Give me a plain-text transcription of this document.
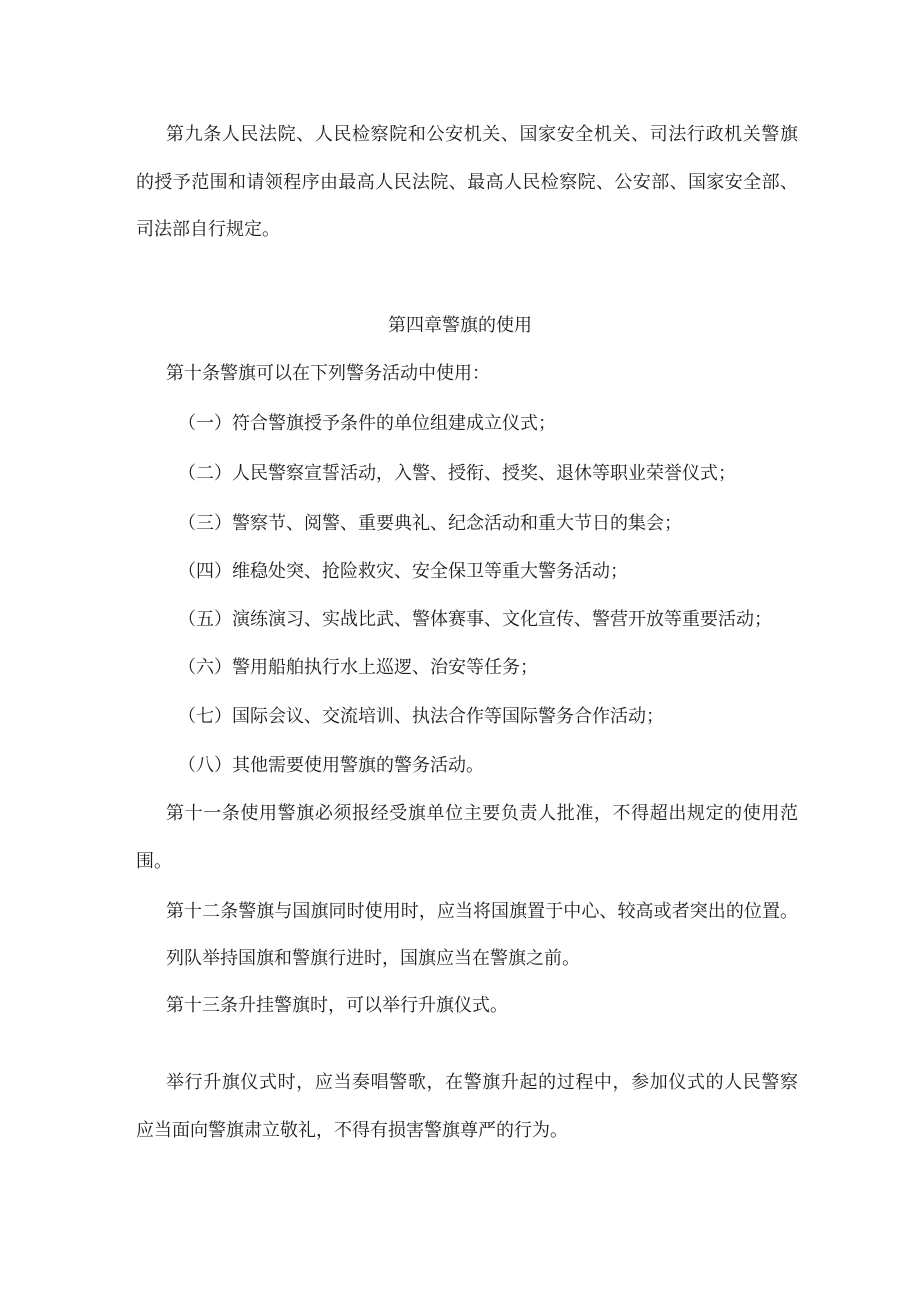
第九条人民法院、人民检察院和公安机关、国家安全机关、司法行政机关警旗

的授予范围和请领程序由最高人民法院、最高人民检察院、公安部、国家安全部、

司法部自行规定。

第四章警旗的使用

第十条警旗可以在下列警务活动中使用：

（一）符合警旗授予条件的单位组建成立仪式；

（二）人民警察宣誓活动，入警、授衔、授奖、退休等职业荣誉仪式；

（三）警察节、阅警、重要典礼、纪念活动和重大节日的集会；

（四）维稳处突、抢险救灾、安全保卫等重大警务活动；

（五）演练演习、实战比武、警体赛事、文化宣传、警营开放等重要活动；

（六）警用船舶执行水上巡逻、治安等任务；

（七）国际会议、交流培训、执法合作等国际警务合作活动；

（八）其他需要使用警旗的警务活动。

第十一条使用警旗必须报经受旗单位主要负责人批准，不得超出规定的使用范

围。

第十二条警旗与国旗同时使用时，应当将国旗置于中心、较高或者突出的位置。

列队举持国旗和警旗行进时，国旗应当在警旗之前。

第十三条升挂警旗时，可以举行升旗仪式。

举行升旗仪式时，应当奏唱警歌，在警旗升起的过程中，参加仪式的人民警察

应当面向警旗肃立敬礼，不得有损害警旗尊严的行为。
